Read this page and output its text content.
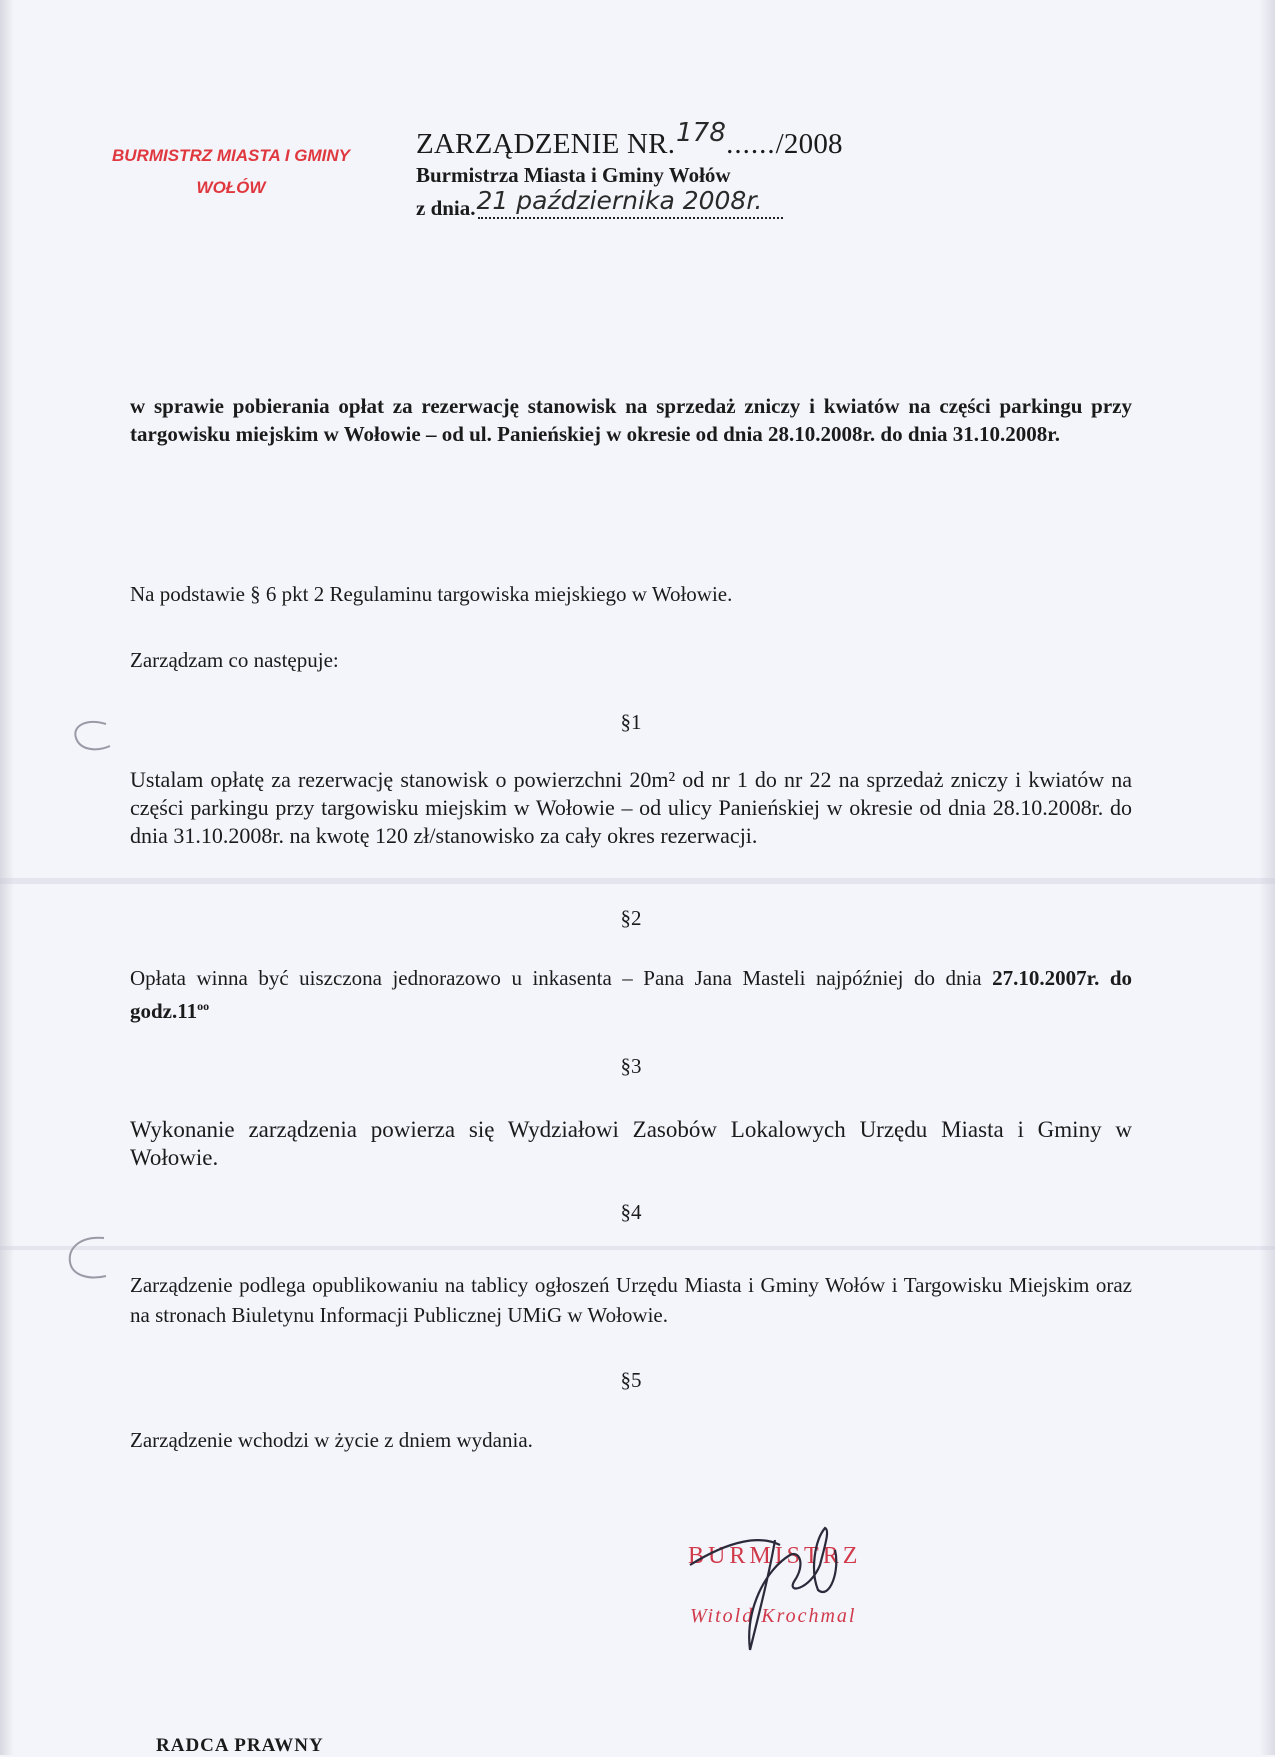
BURMISTRZ MIASTA I GMINY
WOŁÓW
ZARZĄDZENIE NR.178....../2008
Burmistrza Miasta i Gminy Wołów
z dnia.21 października 2008r.
w sprawie pobierania opłat za rezerwację stanowisk na sprzedaż zniczy i kwiatów na części parkingu przy targowisku miejskim w Wołowie – od ul. Panieńskiej w okresie od dnia 28.10.2008r. do dnia 31.10.2008r.
Na podstawie § 6 pkt 2 Regulaminu targowiska miejskiego w Wołowie.
Zarządzam co następuje:
§1
Ustalam opłatę za rezerwację stanowisk o powierzchni 20m² od nr 1 do nr 22 na sprzedaż zniczy i kwiatów na części parkingu przy targowisku miejskim w Wołowie – od ulicy Panieńskiej w okresie od dnia 28.10.2008r. do dnia 31.10.2008r. na kwotę 120 zł/stanowisko za cały okres rezerwacji.
§2
Opłata winna być uiszczona jednorazowo u inkasenta – Pana Jana Masteli najpóźniej do dnia 27.10.2007r. do $godz.11^{oo}$
§3
Wykonanie zarządzenia powierza się Wydziałowi Zasobów Lokalowych Urzędu Miasta i Gminy w Wołowie.
§4
Zarządzenie podlega opublikowaniu na tablicy ogłoszeń Urzędu Miasta i Gminy Wołów i Targowisku Miejskim oraz na stronach Biuletynu Informacji Publicznej UMiG w Wołowie.
§5
Zarządzenie wchodzi w życie z dniem wydania.
BURMISTRZ
Witold Krochmal
RADCA PRAWNY
